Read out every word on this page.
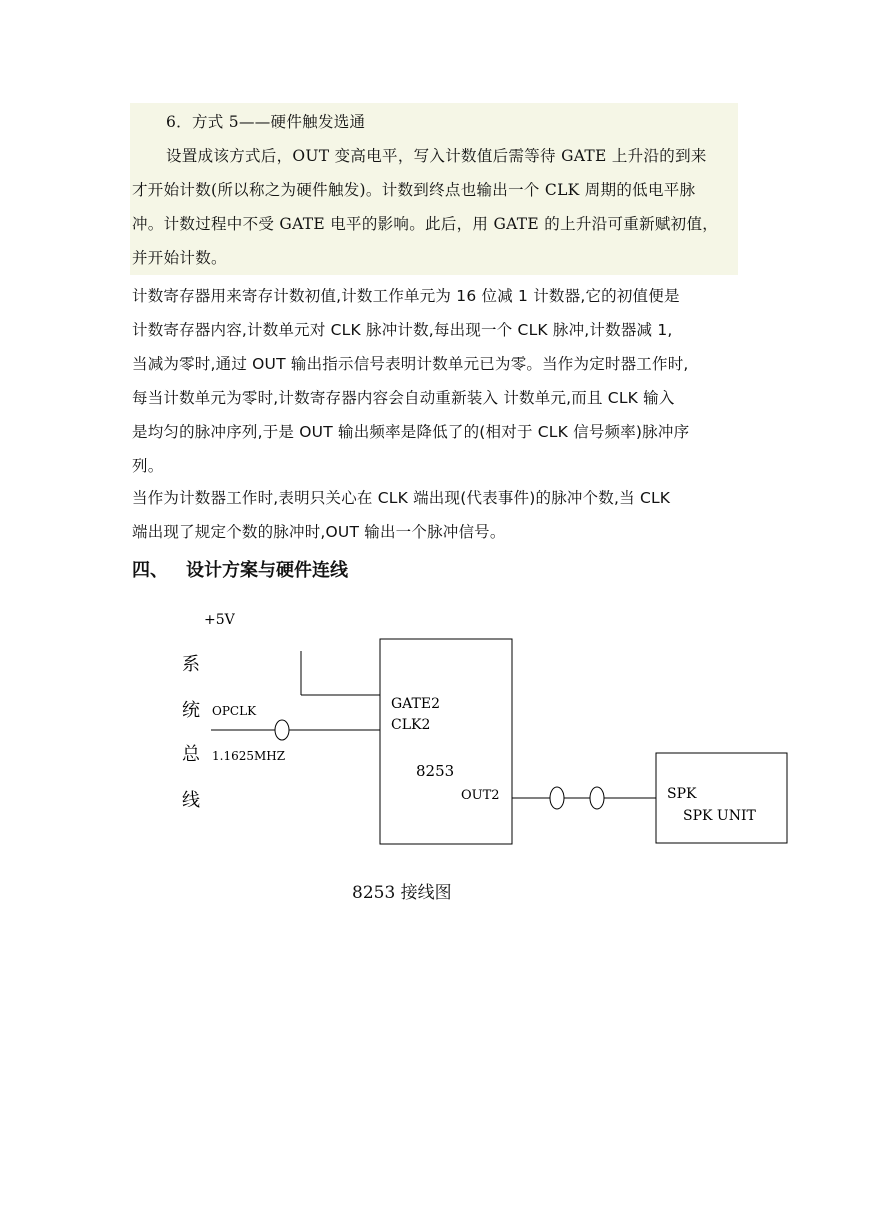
6．方式 5——硬件触发选通

设置成该方式后，OUT 变高电平，写入计数值后需等待 GATE 上升沿的到来

才开始计数(所以称之为硬件触发)。计数到终点也输出一个 CLK 周期的低电平脉

冲。计数过程中不受 GATE 电平的影响。此后，用 GATE 的上升沿可重新赋初值，

并开始计数。

计数寄存器用来寄存计数初值,计数工作单元为 16 位减 1 计数器,它的初值便是

计数寄存器内容,计数单元对 CLK 脉冲计数,每出现一个 CLK 脉冲,计数器减 1,

当减为零时,通过 OUT 输出指示信号表明计数单元已为零。当作为定时器工作时,

每当计数单元为零时,计数寄存器内容会自动重新装入 计数单元,而且 CLK 输入

是均匀的脉冲序列,于是 OUT 输出频率是降低了的(相对于 CLK 信号频率)脉冲序

列。

当作为计数器工作时,表明只关心在 CLK 端出现(代表事件)的脉冲个数,当 CLK

端出现了规定个数的脉冲时,OUT 输出一个脉冲信号。

四、 设计方案与硬件连线
+5V
系
统
总
线
OPCLK
1.1625MHZ
GATE2
CLK2
8253
OUT2	SPK
SPK UNIT

8253 接线图
